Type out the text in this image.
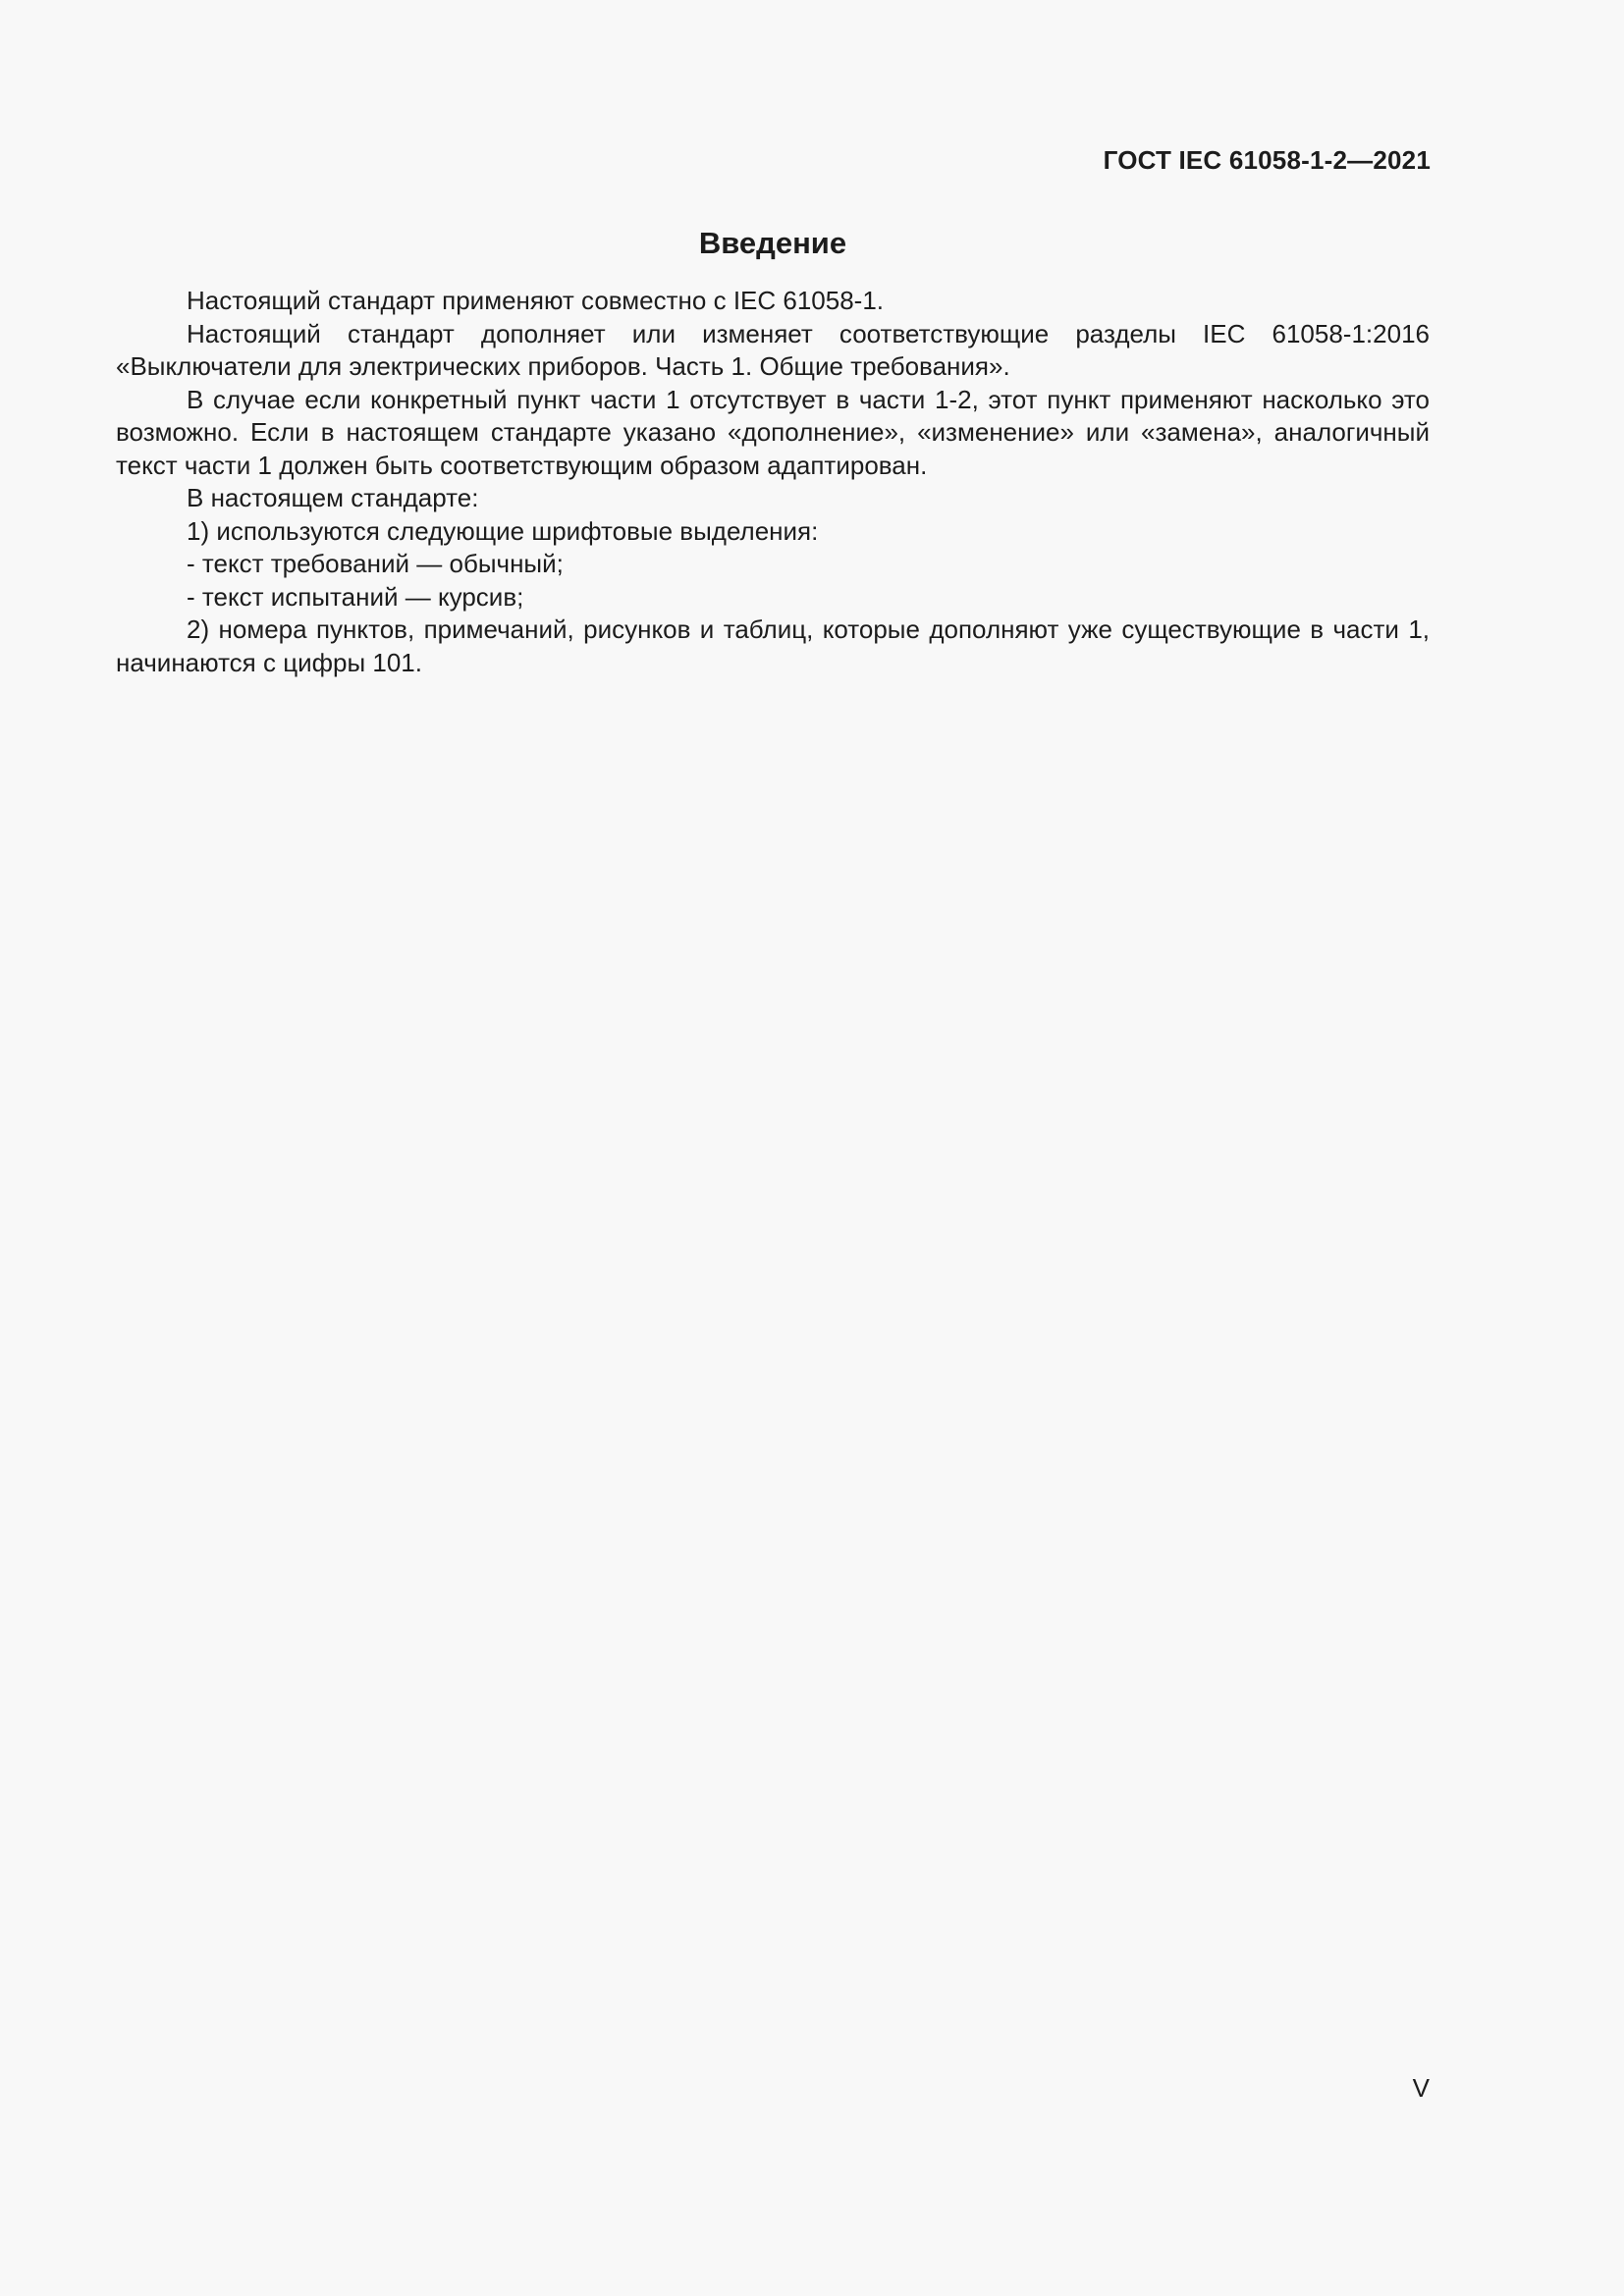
ГОСТ IEC 61058-1-2—2021
Введение

Настоящий стандарт применяют совместно с IEC 61058-1.

Настоящий стандарт дополняет или изменяет соответствующие разделы IEC 61058-1:2016 «Выключатели для электрических приборов. Часть 1. Общие требования».

В случае если конкретный пункт части 1 отсутствует в части 1-2, этот пункт применяют насколько это возможно. Если в настоящем стандарте указано «дополнение», «изменение» или «замена», аналогичный текст части 1 должен быть соответствующим образом адаптирован.

В настоящем стандарте:

1) используются следующие шрифтовые выделения:
- текст требований — обычный;
- текст испытаний — курсив;

2) номера пунктов, примечаний, рисунков и таблиц, которые дополняют уже существующие в части 1, начинаются с цифры 101.

V
